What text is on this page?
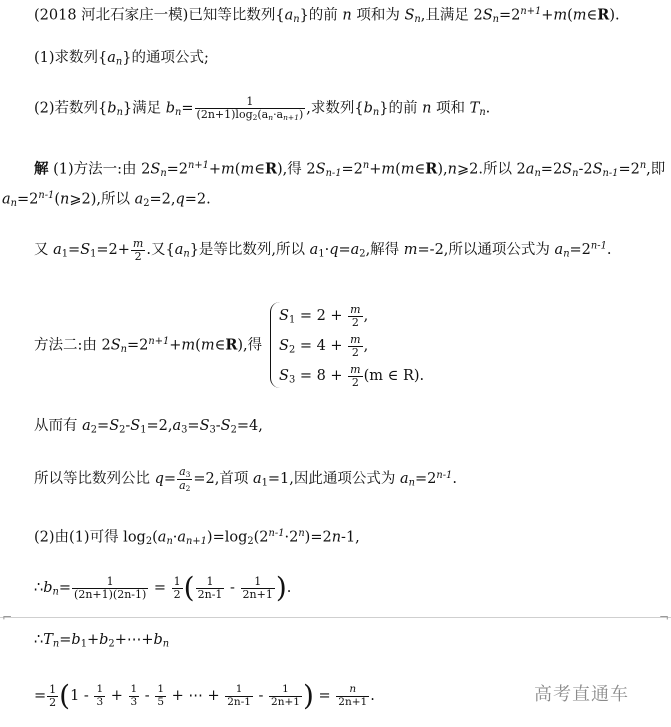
(2018 河北石家庄一模)已知等比数列$\{a_n\}$的前 n 项和为 $S_n$,且满足 $2S_n=2^{n+1}+m(m\in R)$.
(1)求数列$\{a_n\}$的通项公式;
(2)若数列$\{b_n\}$满足 $b_n= \frac{1}{(2n+1)\log_2(a_n\cdot a_{n+1})}$ ,求数列$\{b_n\}$的前 n 项和 $T_n$.
解 (1)方法一:由 $2S_n=2^{n+1}+m(m\in R)$,得 $2S_{n-1}=2^n+m(m\in R),n⩾2$.所以 $2a_n=2S_n-2S_{n-1}=2^n$,即
$a_n=2^{n-1}(n⩾2)$,所以 $a_2=2,q=2$.
又 $a_1=S_1=2+ \frac{m}{2}$ .又$\{a_n\}$是等比数列,所以 $a_1\cdot q=a_2$,解得 m=-2,所以通项公式为 $a_n=2^{n-1}$.
方法二:由 $2S_n=2^{n+1}+m(m\in R)$,得
$S_1 = 2 + \frac{m}{2}$ ,
$S_2 = 4 + \frac{m}{2}$ ,
$S_3 = 8 + \frac{m}{2} (m$ ∈ R).
从而有 $a_2=S_2-S_1=2,a_3=S_3-S_2=4$,
所以等比数列公比 $q= \frac{a_3}{a_2} =2$,首项 $a_1=1$,因此通项公式为 $a_n=2^{n-1}$.
(2)由(1)可得 $\log_2(a_n\cdot a_{n+1})=\log_2(2^{n-1}\cdot 2^n)=2n-1$,
$\therefore b_n= \frac{1}{(2n+1)(2n-1)} = \frac{1}{2}$ ( $\frac{1}{2n-1} - \frac{1}{2n+1}$ ).
⌐	¬
$\therefore T_n=b_1+b_2+\cdots+b_n$
= $\frac{1}{2} (1 - \frac{1}{3} + \frac{1}{3} - \frac{1}{5}$ + ⋯ + $\frac{1}{2n-1} - \frac{1}{2n+1}$ ) = $\frac{n}{2n+1}$ .	高考直通车
